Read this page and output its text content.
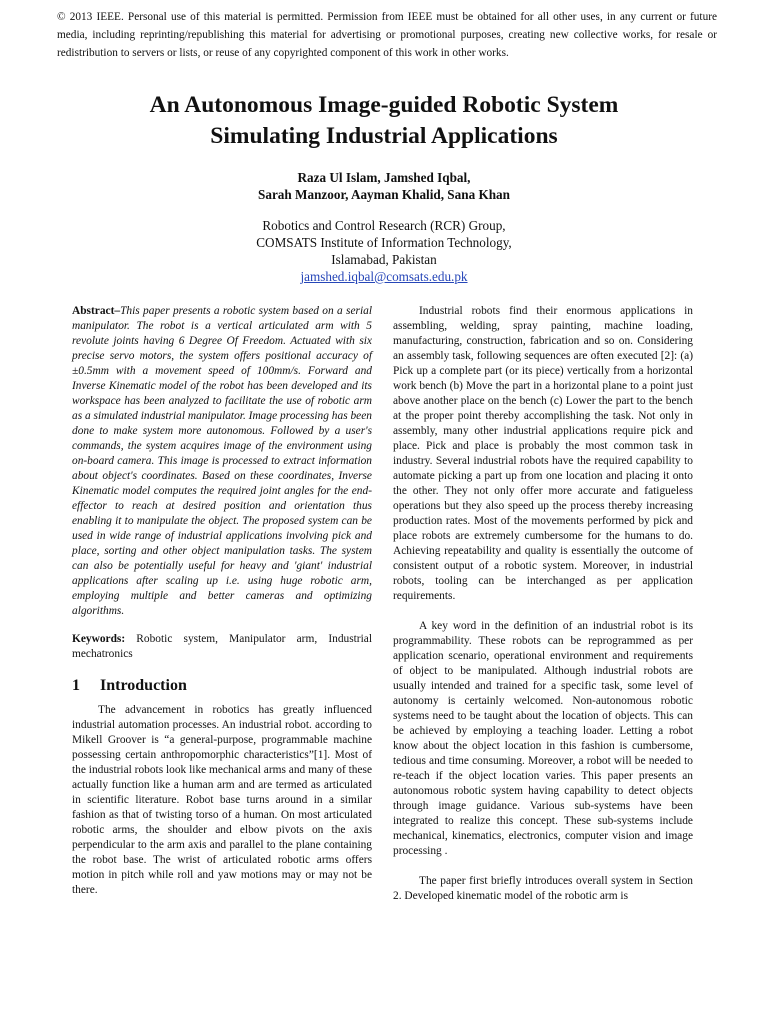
© 2013 IEEE. Personal use of this material is permitted. Permission from IEEE must be obtained for all other uses, in any current or future media, including reprinting/republishing this material for advertising or promotional purposes, creating new collective works, for resale or redistribution to servers or lists, or reuse of any copyrighted component of this work in other works.
An Autonomous Image-guided Robotic System
Simulating Industrial Applications
Raza Ul Islam, Jamshed Iqbal,
Sarah Manzoor, Aayman Khalid, Sana Khan
Robotics and Control Research (RCR) Group,
COMSATS Institute of Information Technology,
Islamabad, Pakistan
jamshed.iqbal@comsats.edu.pk

Abstract–This paper presents a robotic system based on a serial manipulator. The robot is a vertical articulated arm with 5 revolute joints having 6 Degree Of Freedom. Actuated with six precise servo motors, the system offers positional accuracy of ±0.5mm with a movement speed of 100mm/s. Forward and Inverse Kinematic model of the robot has been developed and its workspace has been analyzed to facilitate the use of robotic arm as a simulated industrial manipulator. Image processing has been done to make system more autonomous. Followed by a user's commands, the system acquires image of the environment using on-board camera. This image is processed to extract information about object's coordinates. Based on these coordinates, Inverse Kinematic model computes the required joint angles for the end-effector to reach at desired position and orientation thus enabling it to manipulate the object. The proposed system can be used in wide range of industrial applications involving pick and place, sorting and other object manipulation tasks. The system can also be potentially useful for heavy and 'giant' industrial applications after scaling up i.e. using huge robotic arm, employing multiple and better cameras and optimizing algorithms.

Keywords: Robotic system, Manipulator arm, Industrial mechatronics

1 Introduction

The advancement in robotics has greatly influenced industrial automation processes. An industrial robot. according to Mikell Groover is “a general-purpose, programmable machine possessing certain anthropomorphic characteristics”[1]. Most of the industrial robots look like mechanical arms and many of these actually function like a human arm and are termed as articulated in scientific literature. Robot base turns around in a similar fashion as that of twisting torso of a human. On most articulated robotic arms, the shoulder and elbow pivots on the axis perpendicular to the arm axis and parallel to the plane containing the robot base. The wrist of articulated robotic arms offers motion in pitch while roll and yaw motions may or may not be there.

Industrial robots find their enormous applications in assembling, welding, spray painting, machine loading, manufacturing, construction, fabrication and so on. Considering an assembly task, following sequences are often executed [2]: (a) Pick up a complete part (or its piece) vertically from a horizontal work bench (b) Move the part in a horizontal plane to a point just above another place on the bench (c) Lower the part to the bench at the proper point thereby accomplishing the task. Not only in assembly, many other industrial applications require pick and place. Pick and place is probably the most common task in industry. Several industrial robots have the required capability to automate picking a part up from one location and placing it onto the other. They not only offer more accurate and fatigueless operations but they also speed up the process thereby increasing production rates. Most of the movements performed by pick and place robots are extremely cumbersome for the humans to do. Achieving repeatability and quality is essentially the outcome of consistent output of a robotic system. Moreover, in industrial robots, tooling can be interchanged as per application requirements.

A key word in the definition of an industrial robot is its programmability. These robots can be reprogrammed as per application scenario, operational environment and requirements of object to be manipulated. Although industrial robots are usually intended and trained for a specific task, some level of autonomy is certainly welcomed. Non-autonomous robotic systems need to be taught about the location of objects. This can be achieved by employing a teaching loader. Letting a robot know about the object location in this fashion is cumbersome, tedious and time consuming. Moreover, a robot will be needed to re-teach if the object location varies. This paper presents an autonomous robotic system having capability to detect objects through image guidance. Various sub-systems have been integrated to realize this concept. These sub-systems include mechanical, kinematics, electronics, computer vision and image processing .

The paper first briefly introduces overall system in Section 2. Developed kinematic model of the robotic arm is
